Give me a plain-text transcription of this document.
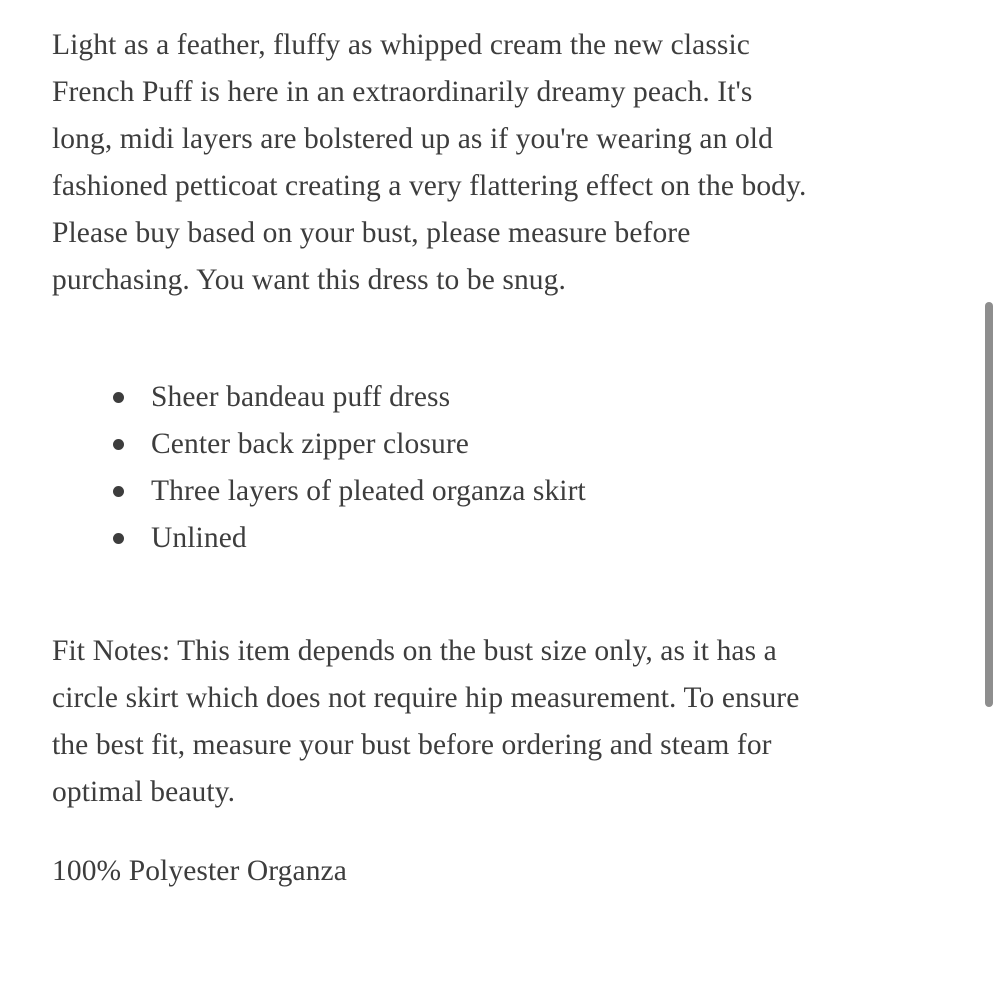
Light as a feather, fluffy as whipped cream the new classic
French Puff is here in an extraordinarily dreamy peach. It's
long, midi layers are bolstered up as if you're wearing an old
fashioned petticoat creating a very flattering effect on the body.
Please buy based on your bust, please measure before
purchasing. You want this dress to be snug.

Sheer bandeau puff dress
Center back zipper closure
Three layers of pleated organza skirt
Unlined

Fit Notes: This item depends on the bust size only, as it has a
circle skirt which does not require hip measurement. To ensure
the best fit, measure your bust before ordering and steam for
optimal beauty.

100% Polyester Organza
